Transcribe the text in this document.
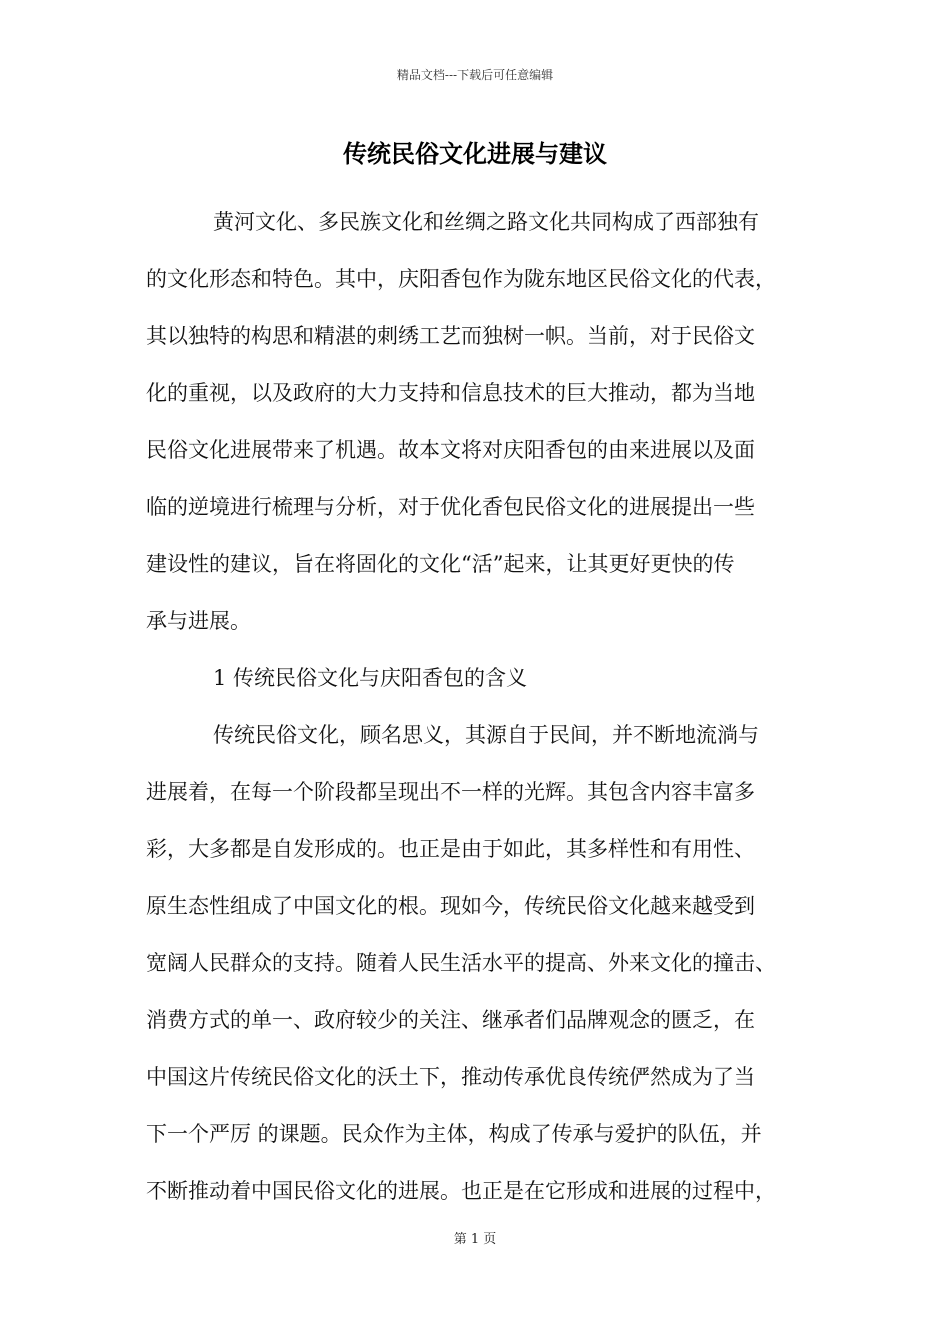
精品文档---下载后可任意编辑
传统民俗文化进展与建议
黄河文化、多民族文化和丝绸之路文化共同构成了西部独有
的文化形态和特色。其中，庆阳香包作为陇东地区民俗文化的代表，
其以独特的构思和精湛的刺绣工艺而独树一帜。当前，对于民俗文
化的重视，以及政府的大力支持和信息技术的巨大推动，都为当地
民俗文化进展带来了机遇。故本文将对庆阳香包的由来进展以及面
临的逆境进行梳理与分析，对于优化香包民俗文化的进展提出一些
建设性的建议，旨在将固化的文化“活”起来，让其更好更快的传
承与进展。
1 传统民俗文化与庆阳香包的含义
传统民俗文化，顾名思义，其源自于民间，并不断地流淌与
进展着，在每一个阶段都呈现出不一样的光辉。其包含内容丰富多
彩，大多都是自发形成的。也正是由于如此，其多样性和有用性、
原生态性组成了中国文化的根。现如今，传统民俗文化越来越受到
宽阔人民群众的支持。随着人民生活水平的提高、外来文化的撞击、
消费方式的单一、政府较少的关注、继承者们品牌观念的匮乏，在
中国这片传统民俗文化的沃土下，推动传承优良传统俨然成为了当
下一个严厉 的课题。民众作为主体，构成了传承与爱护的队伍，并
不断推动着中国民俗文化的进展。也正是在它形成和进展的过程中，
第 1 页
